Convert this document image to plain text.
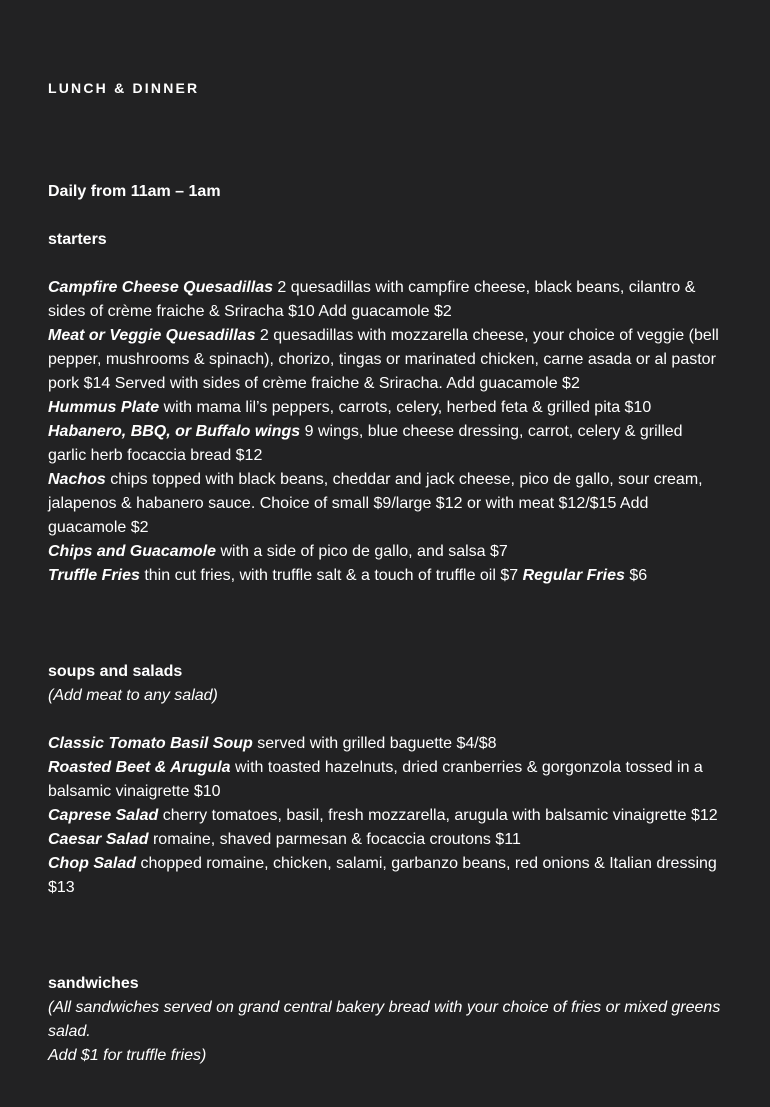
LUNCH & DINNER

Daily from 11am – 1am

starters

Campfire Cheese Quesadillas 2 quesadillas with campfire cheese, black beans, cilantro & sides of crème fraiche & Sriracha $10 Add guacamole $2

Meat or Veggie Quesadillas 2 quesadillas with mozzarella cheese, your choice of veggie (bell pepper, mushrooms & spinach), chorizo, tingas or marinated chicken, carne asada or al pastor pork $14 Served with sides of crème fraiche & Sriracha. Add guacamole $2

Hummus Plate with mama lil’s peppers, carrots, celery, herbed feta & grilled pita $10

Habanero, BBQ, or Buffalo wings 9 wings, blue cheese dressing, carrot, celery & grilled garlic herb focaccia bread $12

Nachos chips topped with black beans, cheddar and jack cheese, pico de gallo, sour cream, jalapenos & habanero sauce. Choice of small $9/large $12 or with meat $12/$15 Add guacamole $2

Chips and Guacamole with a side of pico de gallo, and salsa $7

Truffle Fries thin cut fries, with truffle salt & a touch of truffle oil $7 Regular Fries $6

soups and salads

(Add meat to any salad)

Classic Tomato Basil Soup served with grilled baguette $4/$8

Roasted Beet & Arugula with toasted hazelnuts, dried cranberries & gorgonzola tossed in a balsamic vinaigrette $10

Caprese Salad cherry tomatoes, basil, fresh mozzarella, arugula with balsamic vinaigrette $12

Caesar Salad romaine, shaved parmesan & focaccia croutons $11

Chop Salad chopped romaine, chicken, salami, garbanzo beans, red onions & Italian dressing $13

sandwiches

(All sandwiches served on grand central bakery bread with your choice of fries or mixed greens salad.

Add $1 for truffle fries)
